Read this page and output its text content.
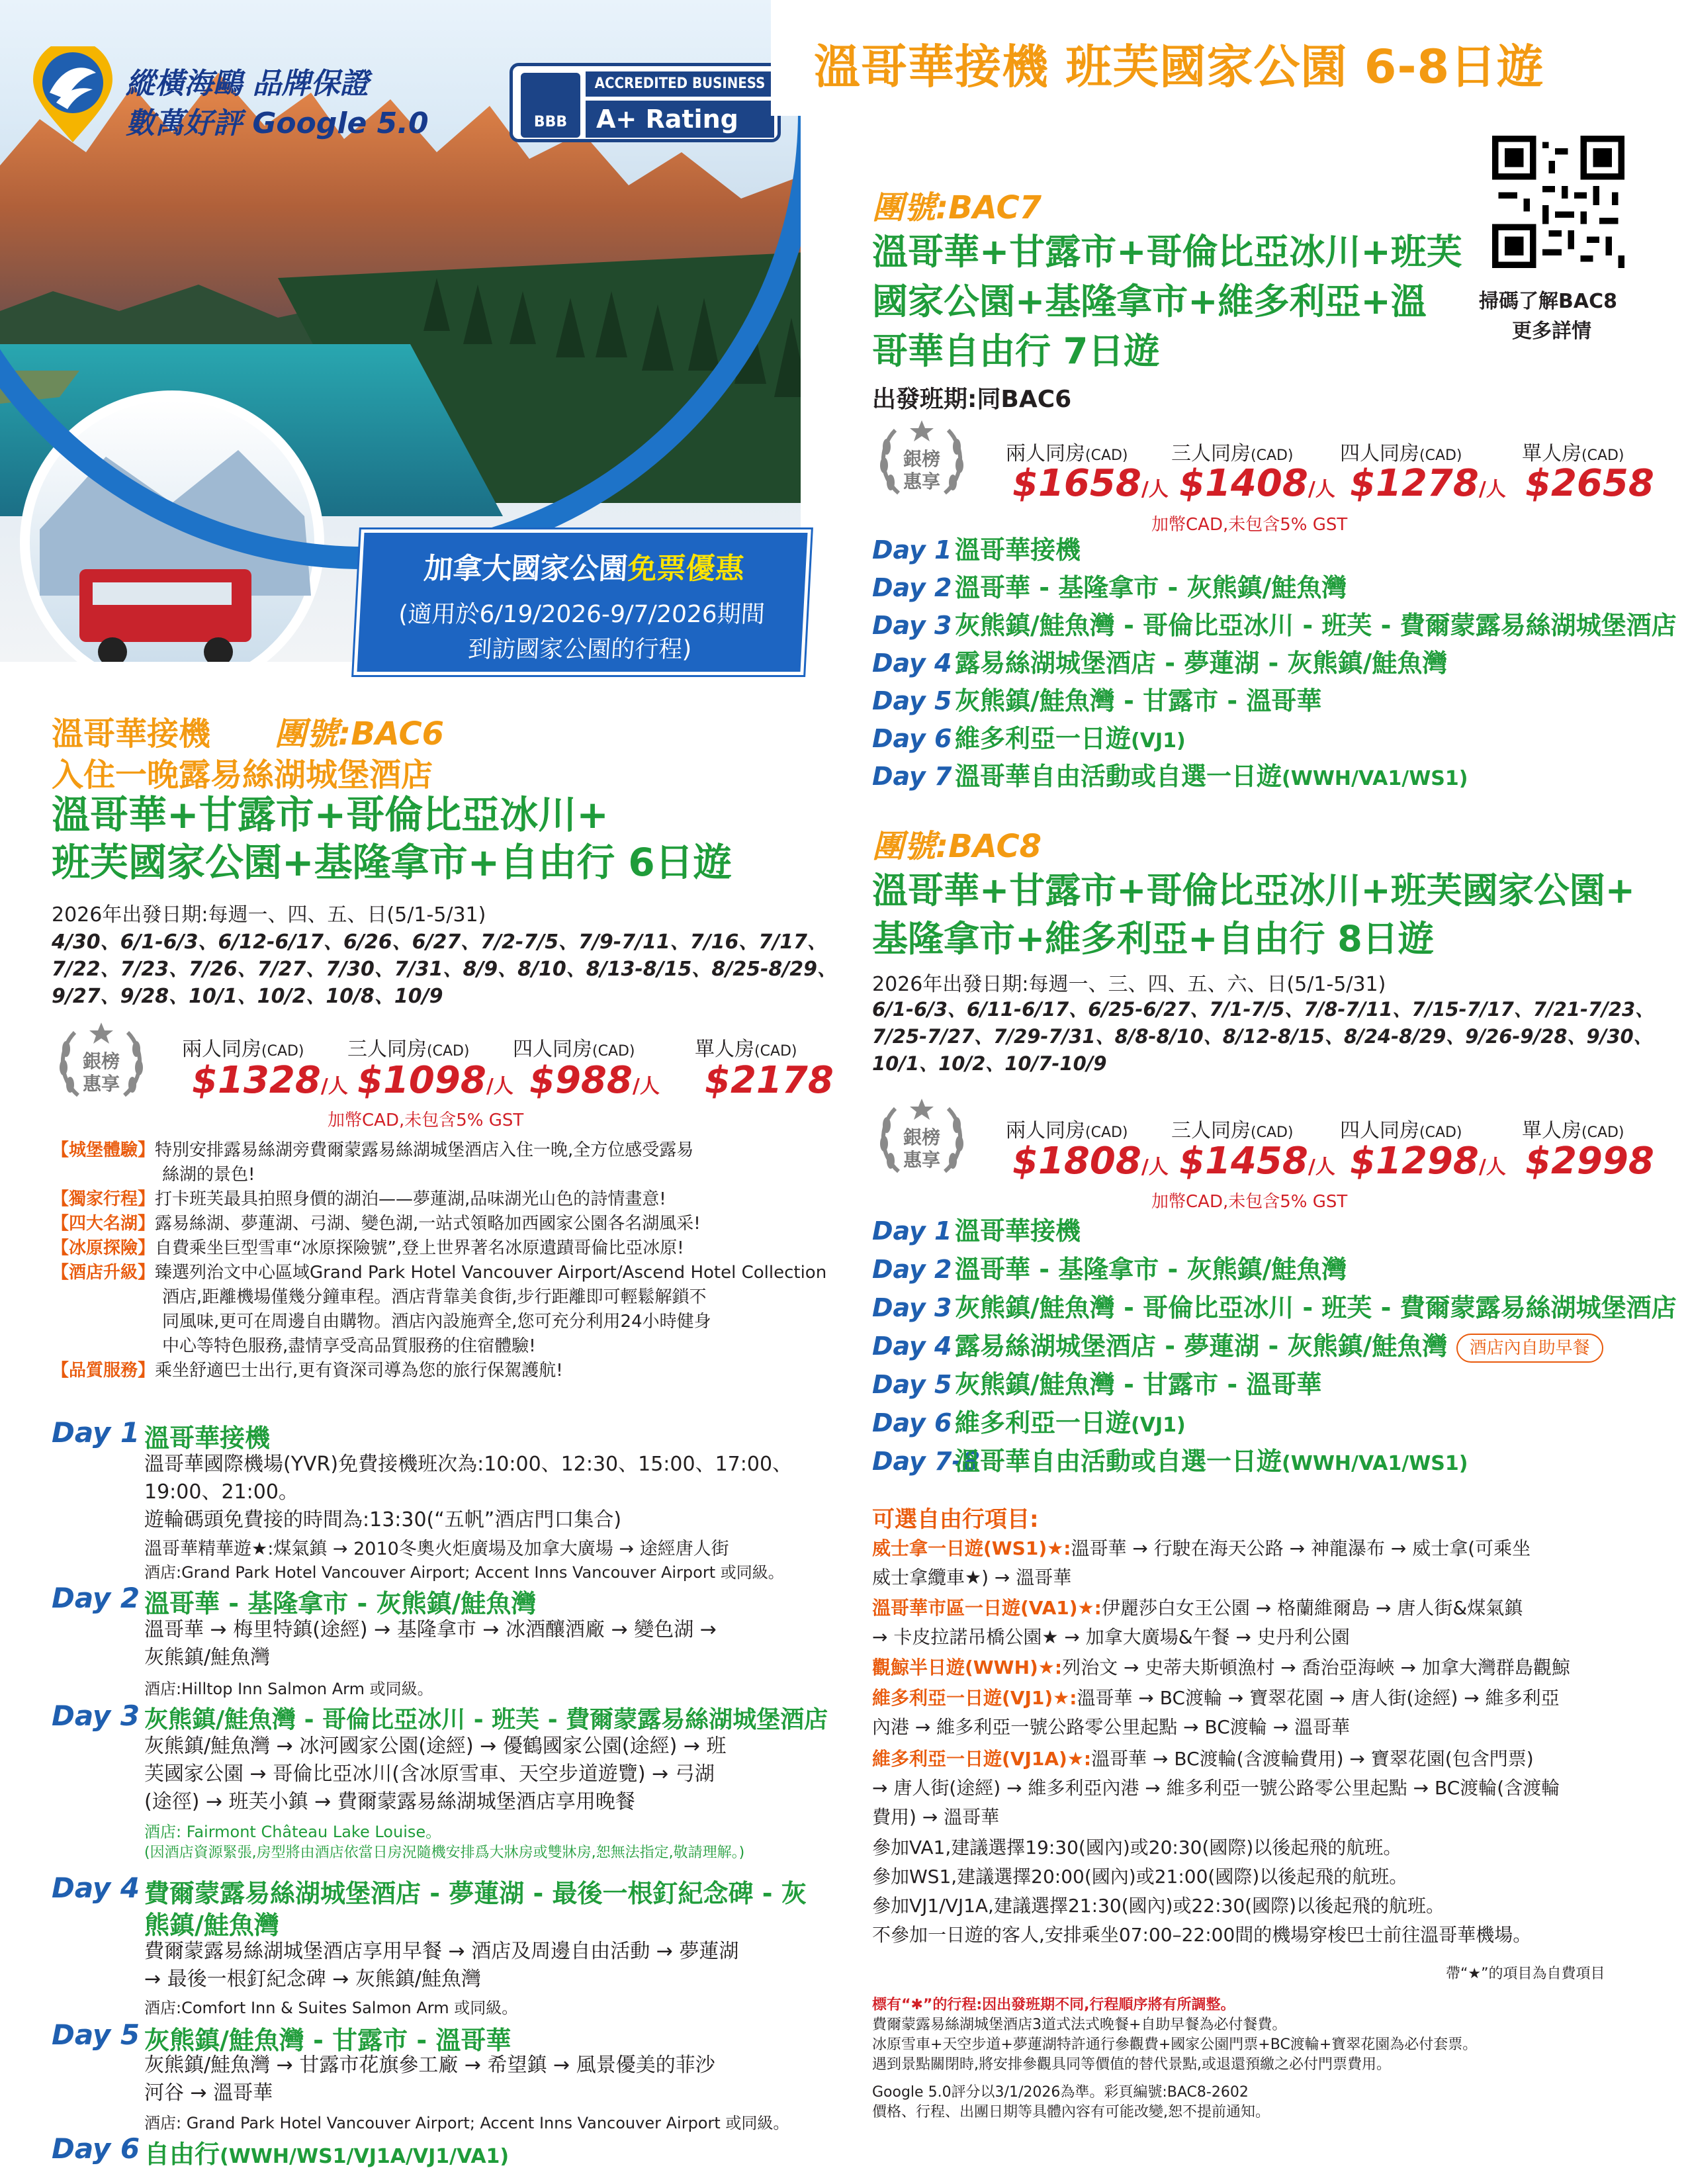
縱橫海鷗 品牌保證
數萬好評 Google 5.0	BBB
ACCREDITED BUSINESS
A+ Rating
加拿大國家公園免票優惠
(適用於6/19/2026-9/7/2026期間
到訪國家公園的行程)
溫哥華接機 班芙國家公園 6-8日遊
溫哥華接機 團號:BAC6
入住一晚露易絲湖城堡酒店
溫哥華+甘露市+哥倫比亞冰川+
班芙國家公園+基隆拿市+自由行 6日遊
2026年出發日期:每週一、四、五、日(5/1-5/31)
4/30、6/1-6/3、6/12-6/17、6/26、6/27、7/2-7/5、7/9-7/11、7/16、7/17、
7/22、7/23、7/26、7/27、7/30、7/31、8/9、8/10、8/13-8/15、8/25-8/29、
9/27、9/28、10/1、10/2、10/8、10/9
銀榜
惠享
兩人同房(CAD) 三人同房(CAD) 四人同房(CAD)	單人房(CAD)
$1328/人 $1098/人 $988/人 $2178
加幣CAD,未包含5% GST
【城堡體驗】特別安排露易絲湖旁費爾蒙露易絲湖城堡酒店入住一晚,全方位感受露易
絲湖的景色!
【獨家行程】打卡班芙最具拍照身價的湖泊——夢蓮湖,品味湖光山色的詩情畫意!
【四大名湖】露易絲湖、夢蓮湖、弓湖、變色湖,一站式領略加西國家公園各名湖風采!
【冰原探險】自費乘坐巨型雪車“冰原探險號”,登上世界著名冰原遺蹟哥倫比亞冰原!
【酒店升級】臻選列治文中心區域Grand Park Hotel Vancouver Airport/Ascend Hotel Collection
酒店,距離機場僅幾分鐘車程。酒店背靠美食街,步行距離即可輕鬆解鎖不
同風味,更可在周邊自由購物。酒店內設施齊全,您可充分利用24小時健身
中心等特色服務,盡情享受高品質服務的住宿體驗!
【品質服務】乘坐舒適巴士出行,更有資深司導為您的旅行保駕護航!
Day 1 溫哥華接機
溫哥華國際機場(YVR)免費接機班次為:10:00、12:30、15:00、17:00、
19:00、21:00。
遊輪碼頭免費接的時間為:13:30(“五帆”酒店門口集合)
溫哥華精華遊★:煤氣鎮 → 2010冬奧火炬廣場及加拿大廣場 → 途經唐人街
酒店:Grand Park Hotel Vancouver Airport; Accent Inns Vancouver Airport 或同級。
Day 2 溫哥華 - 基隆拿市 - 灰熊鎮/鮭魚灣
溫哥華 → 梅里特鎮(途經) → 基隆拿市 → 冰酒釀酒廠 → 變色湖 →
灰熊鎮/鮭魚灣
酒店:Hilltop Inn Salmon Arm 或同級。
Day 3 灰熊鎮/鮭魚灣 - 哥倫比亞冰川 - 班芙 - 費爾蒙露易絲湖城堡酒店
灰熊鎮/鮭魚灣 → 冰河國家公園(途經) → 優鶴國家公園(途經) → 班
芙國家公園 → 哥倫比亞冰川(含冰原雪車、天空步道遊覽) → 弓湖
(途徑) → 班芙小鎮 → 費爾蒙露易絲湖城堡酒店享用晚餐
酒店: Fairmont Château Lake Louise。
(因酒店資源緊張,房型將由酒店依當日房況隨機安排爲大牀房或雙牀房,恕無法指定,敬請理解。)
Day 4 費爾蒙露易絲湖城堡酒店 - 夢蓮湖 - 最後一根釘紀念碑 - 灰
熊鎮/鮭魚灣
費爾蒙露易絲湖城堡酒店享用早餐 → 酒店及周邊自由活動 → 夢蓮湖
→ 最後一根釘紀念碑 → 灰熊鎮/鮭魚灣
酒店:Comfort Inn & Suites Salmon Arm 或同級。
Day 5 灰熊鎮/鮭魚灣 - 甘露市 - 溫哥華
灰熊鎮/鮭魚灣 → 甘露市花旗參工廠 → 希望鎮 → 風景優美的菲沙
河谷 → 溫哥華
酒店: Grand Park Hotel Vancouver Airport; Accent Inns Vancouver Airport 或同級。
Day 6 自由行(WWH/WS1/VJ1A/VJ1/VA1)
團號:BAC7
溫哥華+甘露市+哥倫比亞冰川+班芙
國家公園+基隆拿市+維多利亞+溫
哥華自由行 7日遊
出發班期:同BAC6
掃碼了解BAC8
更多詳情
銀榜
惠享
兩人同房(CAD) 三人同房(CAD) 四人同房(CAD)	單人房(CAD)
$1658/人 $1408/人 $1278/人 $2658
加幣CAD,未包含5% GST
Day 1 溫哥華接機
Day 2 溫哥華 - 基隆拿市 - 灰熊鎮/鮭魚灣
Day 3 灰熊鎮/鮭魚灣 - 哥倫比亞冰川 - 班芙 - 費爾蒙露易絲湖城堡酒店
Day 4 露易絲湖城堡酒店 - 夢蓮湖 - 灰熊鎮/鮭魚灣
Day 5 灰熊鎮/鮭魚灣 - 甘露市 - 溫哥華
Day 6 維多利亞一日遊(VJ1)
Day 7 溫哥華自由活動或自選一日遊(WWH/VA1/WS1)
團號:BAC8
溫哥華+甘露市+哥倫比亞冰川+班芙國家公園+
基隆拿市+維多利亞+自由行 8日遊
2026年出發日期:每週一、三、四、五、六、日(5/1-5/31)
6/1-6/3、6/11-6/17、6/25-6/27、7/1-7/5、7/8-7/11、7/15-7/17、7/21-7/23、
7/25-7/27、7/29-7/31、8/8-8/10、8/12-8/15、8/24-8/29、9/26-9/28、9/30、
10/1、10/2、10/7-10/9
銀榜
惠享
兩人同房(CAD) 三人同房(CAD) 四人同房(CAD)	單人房(CAD)
$1808/人 $1458/人 $1298/人 $2998
加幣CAD,未包含5% GST
Day 1 溫哥華接機
Day 2 溫哥華 - 基隆拿市 - 灰熊鎮/鮭魚灣
Day 3 灰熊鎮/鮭魚灣 - 哥倫比亞冰川 - 班芙 - 費爾蒙露易絲湖城堡酒店
Day 4 露易絲湖城堡酒店 - 夢蓮湖 - 灰熊鎮/鮭魚灣 酒店內自助早餐
Day 5 灰熊鎮/鮭魚灣 - 甘露市 - 溫哥華
Day 6 維多利亞一日遊(VJ1)
Day 7-8溫哥華自由活動或自選一日遊(WWH/VA1/WS1)
可選自由行項目:
威士拿一日遊(WS1)★:溫哥華 → 行駛在海天公路 → 神龍瀑布 → 威士拿(可乘坐
威士拿纜車★) → 溫哥華
溫哥華市區一日遊(VA1)★:伊麗莎白女王公園 → 格蘭維爾島 → 唐人街&煤氣鎮
→ 卡皮拉諾吊橋公園★ → 加拿大廣場&午餐 → 史丹利公園
觀鯨半日遊(WWH)★:列治文 → 史蒂夫斯頓漁村 → 喬治亞海峽 → 加拿大灣群島觀鯨
維多利亞一日遊(VJ1)★:溫哥華 → BC渡輪 → 寶翠花園 → 唐人街(途經) → 維多利亞
內港 → 維多利亞一號公路零公里起點 → BC渡輪 → 溫哥華
維多利亞一日遊(VJ1A)★:溫哥華 → BC渡輪(含渡輪費用) → 寶翠花園(包含門票)
→ 唐人街(途經) → 維多利亞內港 → 維多利亞一號公路零公里起點 → BC渡輪(含渡輪
費用) → 溫哥華
參加VA1,建議選擇19:30(國內)或20:30(國際)以後起飛的航班。
參加WS1,建議選擇20:00(國內)或21:00(國際)以後起飛的航班。
參加VJ1/VJ1A,建議選擇21:30(國內)或22:30(國際)以後起飛的航班。
不參加一日遊的客人,安排乘坐07:00–22:00間的機場穿梭巴士前往溫哥華機場。
帶“★”的項目為自費項目
標有“✱”的行程:因出發班期不同,行程順序將有所調整。
費爾蒙露易絲湖城堡酒店3道式法式晚餐+自助早餐為必付餐費。
冰原雪車+天空步道+夢蓮湖特許通行參觀費+國家公園門票+BC渡輪+寶翠花園為必付套票。
遇到景點關閉時,將安排參觀具同等價值的替代景點,或退還預繳之必付門票費用。
Google 5.0評分以3/1/2026為準。彩頁編號:BAC8-2602
價格、行程、出團日期等具體內容有可能改變,恕不提前通知。
